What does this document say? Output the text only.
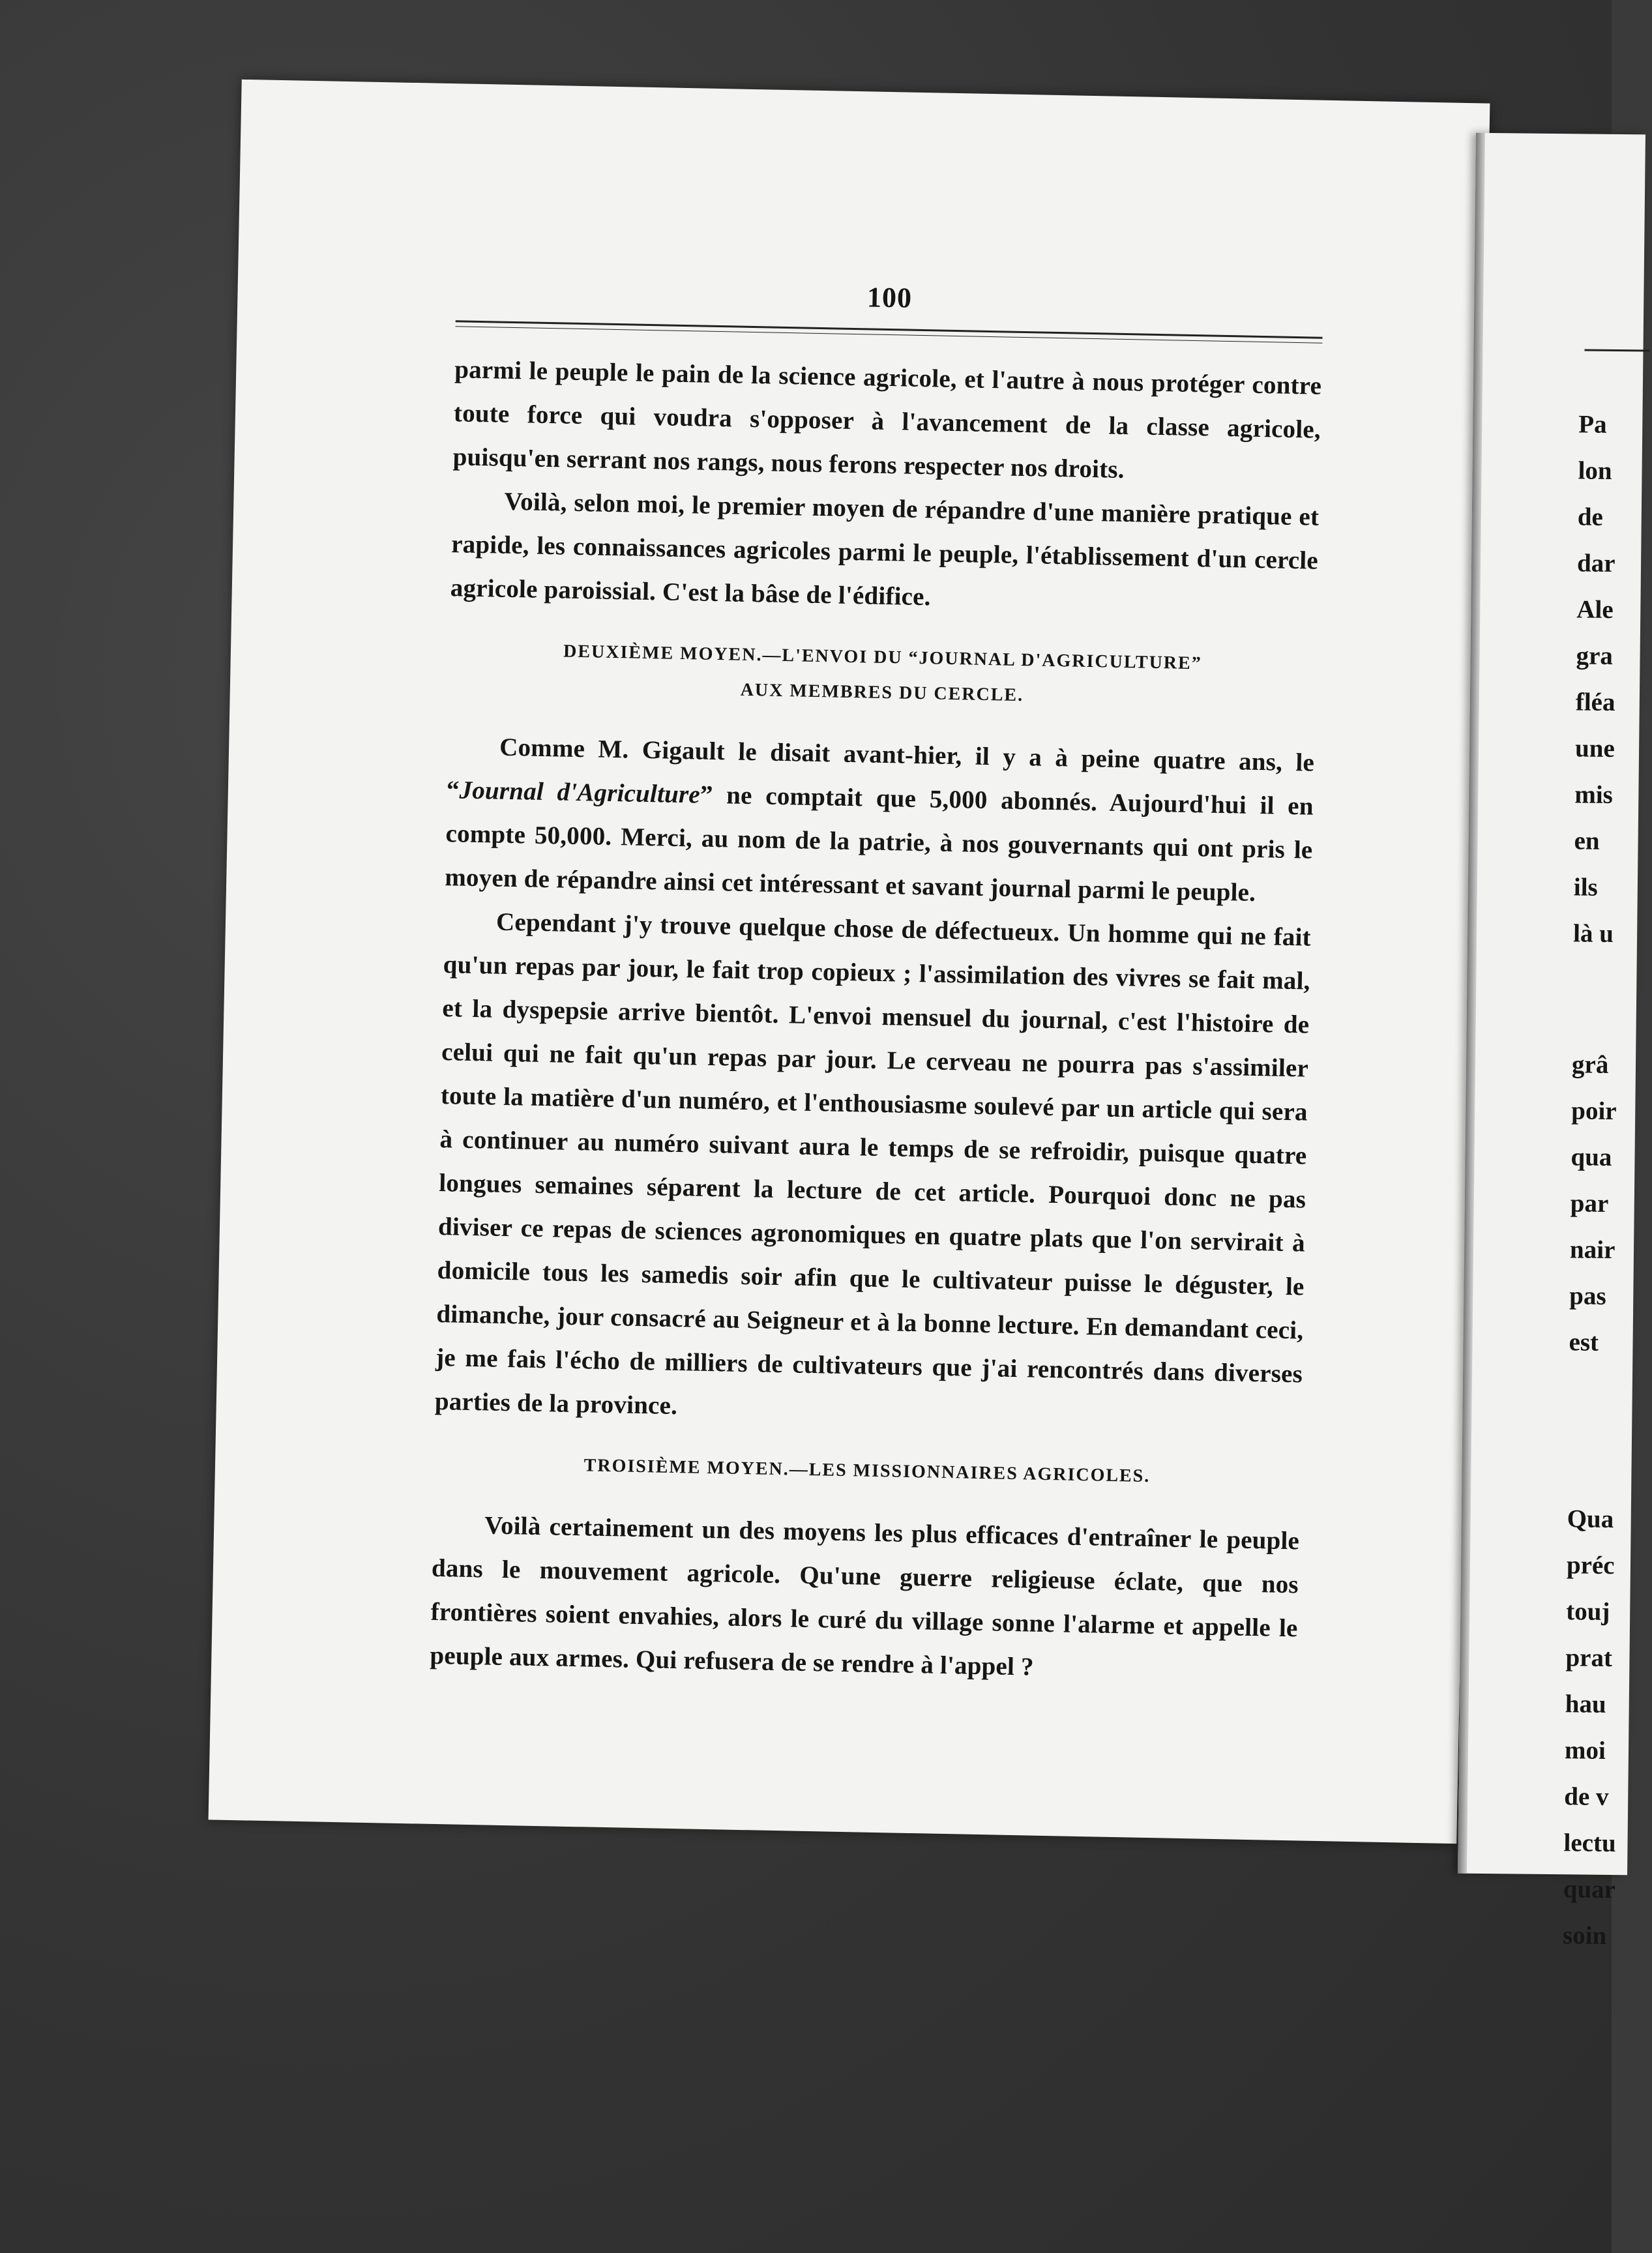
100

parmi le peuple le pain de la science agricole, et l'autre à nous protéger contre toute force qui voudra s'opposer à l'avancement de la classe agricole, puisqu'en serrant nos rangs, nous ferons respecter nos droits.

Voilà, selon moi, le premier moyen de répandre d'une manière pratique et rapide, les connaissances agricoles parmi le peuple, l'établissement d'un cercle agricole paroissial. C'est la bâse de l'édifice.

DEUXIÈME MOYEN.—L'ENVOI DU “JOURNAL D'AGRICULTURE”
AUX MEMBRES DU CERCLE.

Comme M. Gigault le disait avant-hier, il y a à peine quatre ans, le “Journal d'Agriculture” ne comptait que 5,000 abonnés. Aujourd'hui il en compte 50,000. Merci, au nom de la patrie, à nos gouvernants qui ont pris le moyen de répandre ainsi cet intéressant et savant journal parmi le peuple.

Cependant j'y trouve quelque chose de défectueux. Un homme qui ne fait qu'un repas par jour, le fait trop copieux ; l'assimilation des vivres se fait mal, et la dyspepsie arrive bientôt. L'envoi mensuel du journal, c'est l'histoire de celui qui ne fait qu'un repas par jour. Le cerveau ne pourra pas s'assimiler toute la matière d'un numéro, et l'enthousiasme soulevé par un article qui sera à continuer au numéro suivant aura le temps de se refroidir, puisque quatre longues semaines séparent la lecture de cet article. Pourquoi donc ne pas diviser ce repas de sciences agronomiques en quatre plats que l'on servirait à domicile tous les samedis soir afin que le cultivateur puisse le déguster, le dimanche, jour consacré au Seigneur et à la bonne lecture. En demandant ceci, je me fais l'écho de milliers de cultivateurs que j'ai rencontrés dans diverses parties de la province.

TROISIÈME MOYEN.—LES MISSIONNAIRES AGRICOLES.

Voilà certainement un des moyens les plus efficaces d'entraîner le peuple dans le mouvement agricole. Qu'une guerre religieuse éclate, que nos frontières soient envahies, alors le curé du village sonne l'alarme et appelle le peuple aux armes. Qui refusera de se rendre à l'appel ?

Pa
lon
de
dar
Ale
gra
fléa
une
mis
en
ils
là u
grâ
poir
qua
par
nair
pas
est
Qua
préc
touj
prat
hau
moi
de v
lectu
quar
soin
